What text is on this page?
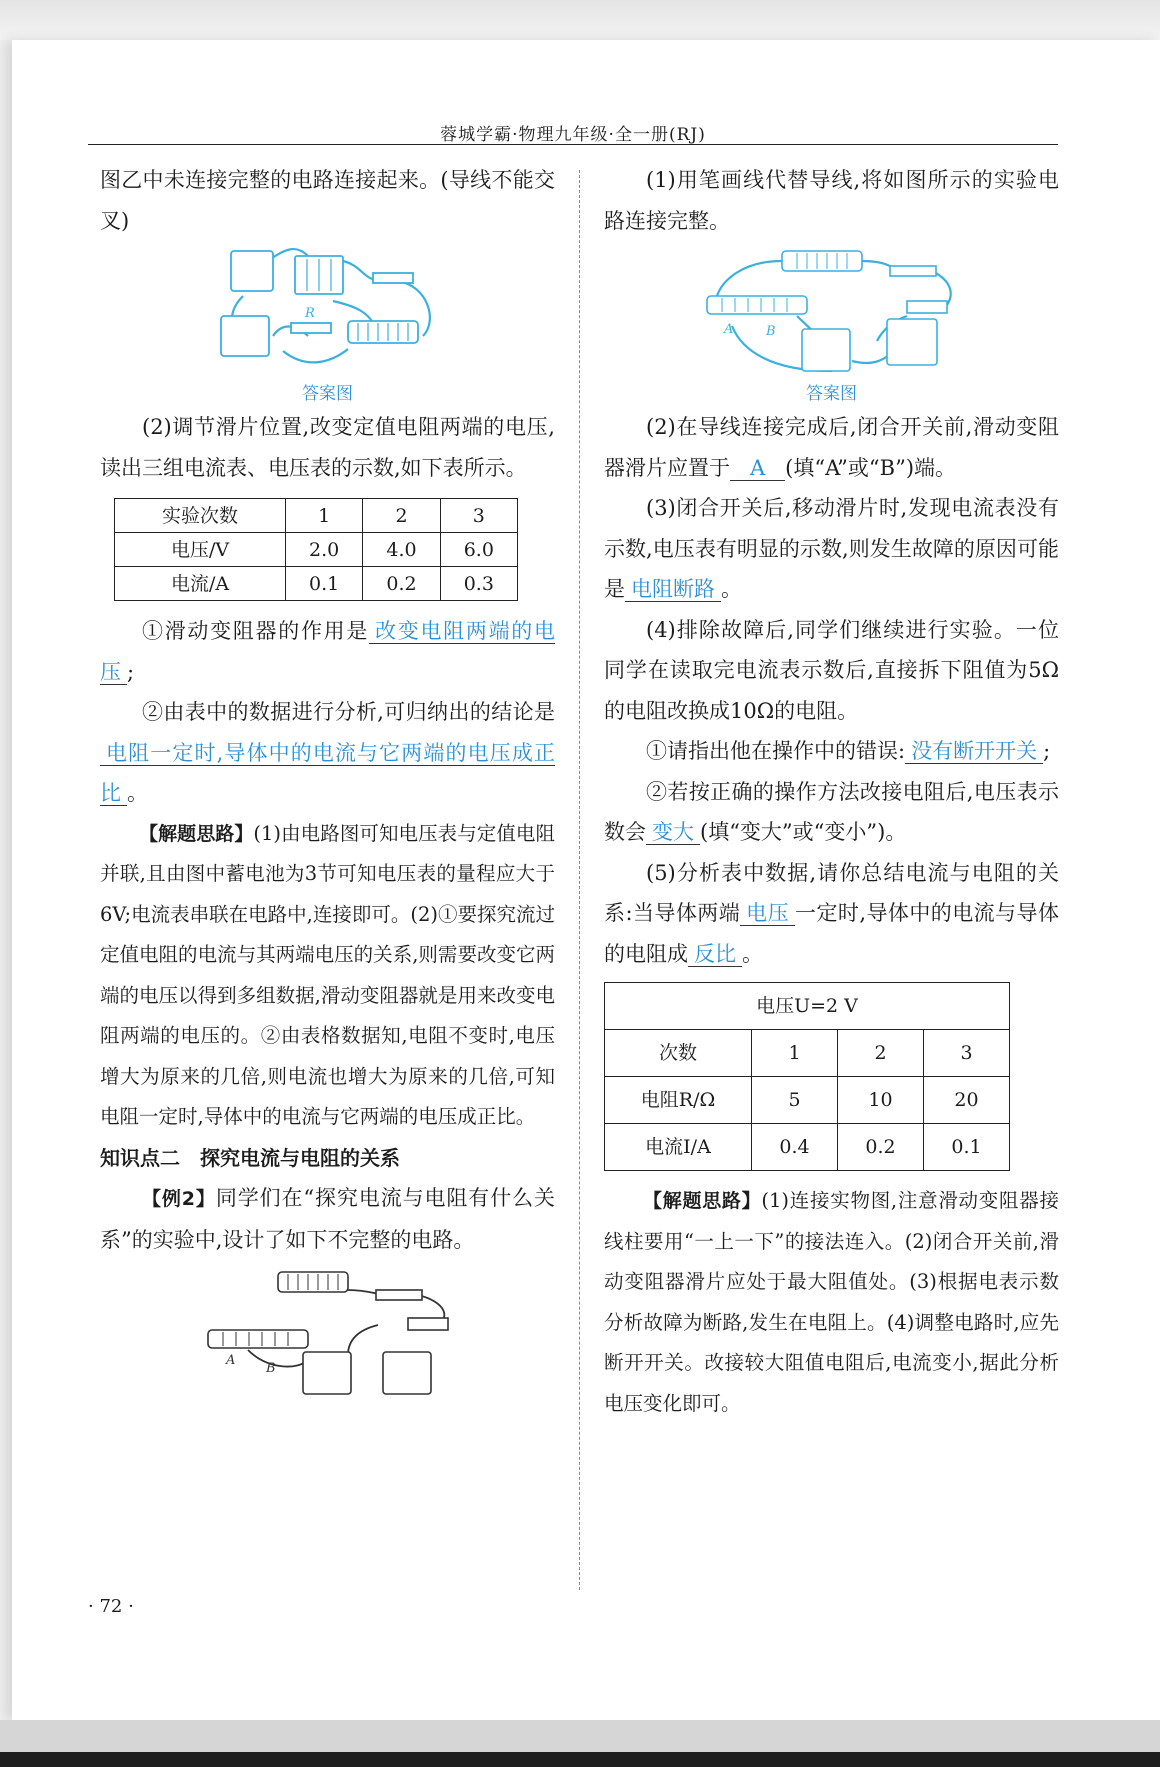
蓉城学霸·物理九年级·全一册(RJ)

图乙中未连接完整的电路连接起来。(导线不能交叉)

R
答案图

(2)调节滑片位置,改变定值电阻两端的电压,读出三组电流表、电压表的示数,如下表所示。

实验次数	1	2	3
电压/V	2.0	4.0	6.0
电流/A	0.1	0.2	0.3

①滑动变阻器的作用是 改变电阻两端的电压 ;

②由表中的数据进行分析,可归纳出的结论是电阻一定时,导体中的电流与它两端的电压成正比 。

【解题思路】(1)由电路图可知电压表与定值电阻并联,且由图中蓄电池为3节可知电压表的量程应大于6V;电流表串联在电路中,连接即可。(2)①要探究流过定值电阻的电流与其两端电压的关系,则需要改变它两端的电压以得到多组数据,滑动变阻器就是用来改变电阻两端的电压的。②由表格数据知,电阻不变时,电压增大为原来的几倍,则电流也增大为原来的几倍,可知电阻一定时,导体中的电流与它两端的电压成正比。

知识点二　探究电流与电阻的关系

【例2】同学们在“探究电流与电阻有什么关系”的实验中,设计了如下不完整的电路。

A
B

(1)用笔画线代替导线,将如图所示的实验电路连接完整。

A	B
答案图

(2)在导线连接完成后,闭合开关前,滑动变阻器滑片应置于 A (填“A”或“B”)端。

(3)闭合开关后,移动滑片时,发现电流表没有示数,电压表有明显的示数,则发生故障的原因可能是 电阻断路 。

(4)排除故障后,同学们继续进行实验。一位同学在读取完电流表示数后,直接拆下阻值为5Ω的电阻改换成10Ω的电阻。

①请指出他在操作中的错误: 没有断开开关 ;

②若按正确的操作方法改接电阻后,电压表示数会 变大 (填“变大”或“变小”)。

(5)分析表中数据,请你总结电流与电阻的关系:当导体两端 电压 一定时,导体中的电流与导体的电阻成 反比 。

电压U=2 V			
次数	1	2	3
电阻R/Ω	5	10	20
电流I/A	0.4	0.2	0.1

【解题思路】(1)连接实物图,注意滑动变阻器接线柱要用“一上一下”的接法连入。(2)闭合开关前,滑动变阻器滑片应处于最大阻值处。(3)根据电表示数分析故障为断路,发生在电阻上。(4)调整电路时,应先断开开关。改接较大阻值电阻后,电流变小,据此分析电压变化即可。

· 72 ·
